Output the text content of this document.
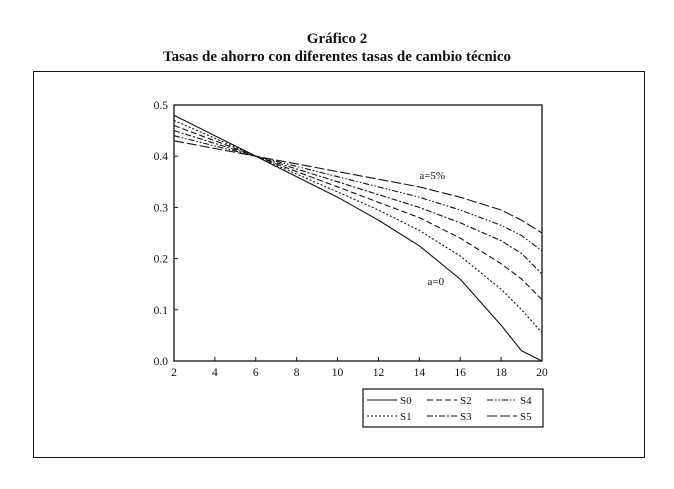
Gráfico 2
Tasas de ahorro con diferentes tasas de cambio técnico
0.0
0.1
0.2
0.3
0.4
0.5
2	4	6	8	10	12	14	16	18	20
a=5%
a=0
S0	S2	S4
S1	S3	S5
